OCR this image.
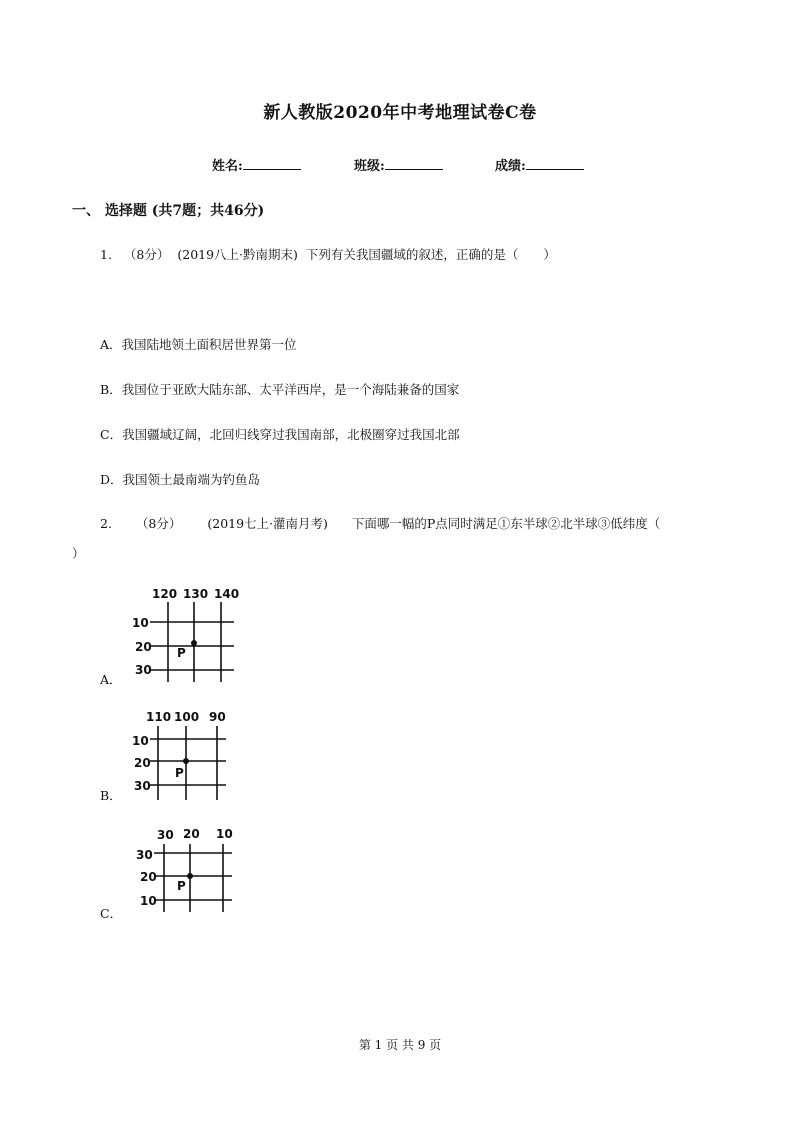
新人教版2020年中考地理试卷C卷
姓名:	班级:	成绩:
一、 选择题 (共7题；共46分)
1. （8分） (2019八上·黔南期末) 下列有关我国疆域的叙述，正确的是（　　）
A．我国陆地领土面积居世界第一位
B．我国位于亚欧大陆东部、太平洋西岸，是一个海陆兼备的国家
C．我国疆域辽阔，北回归线穿过我国南部，北极圈穿过我国北部
D．我国领土最南端为钓鱼岛
2. （8分） (2019七上·灌南月考) 下面哪一幅的P点同时满足①东半球②北半球③低纬度（
）
A．
120 130 140
10
20
30
P
B．
110 100 90
10
20
30
P
C．
30 20 10
30
20
10
P
第 1 页 共 9 页
